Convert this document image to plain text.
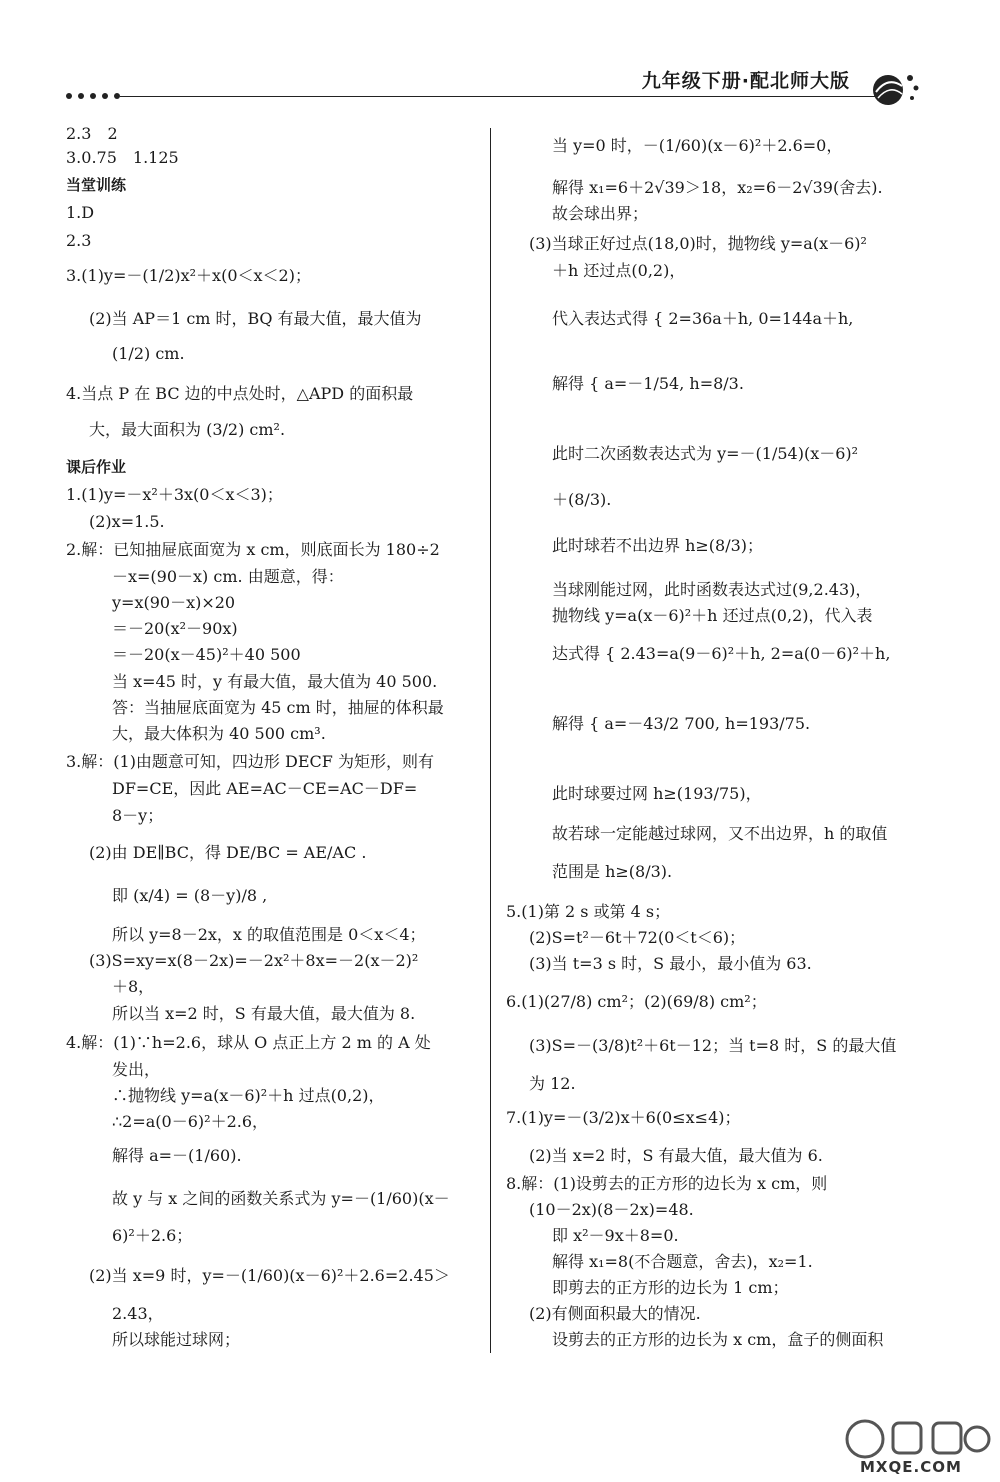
九年级下册·配北师大版
2.3　2
3.0.75　1.125
当堂训练
1.D
2.3
3.(1)y=－(1/2)x²＋x(0＜x＜2)；
(2)当 AP＝1 cm 时，BQ 有最大值，最大值为
(1/2) cm.
4.当点 P 在 BC 边的中点处时，△APD 的面积最
大，最大面积为 (3/2) cm².
课后作业
1.(1)y=－x²＋3x(0＜x＜3)；
(2)x=1.5.
2.解：已知抽屉底面宽为 x cm，则底面长为 180÷2
－x=(90－x) cm. 由题意，得：
y=x(90－x)×20
＝－20(x²－90x)
＝－20(x－45)²＋40 500
当 x=45 时，y 有最大值，最大值为 40 500.
答：当抽屉底面宽为 45 cm 时，抽屉的体积最
大，最大体积为 40 500 cm³.
3.解：(1)由题意可知，四边形 DECF 为矩形，则有
DF=CE，因此 AE=AC－CE=AC－DF=
8－y；
(2)由 DE∥BC，得 DE/BC = AE/AC .
即 (x/4) = (8－y)/8 ,
所以 y=8－2x，x 的取值范围是 0＜x＜4；
(3)S=xy=x(8－2x)=－2x²＋8x=－2(x－2)²
＋8，
所以当 x=2 时，S 有最大值，最大值为 8.
4.解：(1)∵h=2.6，球从 O 点正上方 2 m 的 A 处
发出，
∴抛物线 y=a(x－6)²＋h 过点(0,2)，
∴2=a(0－6)²＋2.6，
解得 a=－(1/60).
故 y 与 x 之间的函数关系式为 y=－(1/60)(x－
6)²＋2.6；
(2)当 x=9 时，y=－(1/60)(x－6)²＋2.6=2.45＞
2.43，
所以球能过球网；
当 y=0 时，－(1/60)(x－6)²＋2.6=0，
解得 x₁=6＋2√39＞18，x₂=6－2√39(舍去).
故会球出界；
(3)当球正好过点(18,0)时，抛物线 y=a(x－6)²
＋h 还过点(0,2)，
代入表达式得 { 2=36a＋h, 0=144a＋h,
解得 { a=－1/54, h=8/3.
此时二次函数表达式为 y=－(1/54)(x－6)²
＋(8/3).
此时球若不出边界 h≥(8/3)；
当球刚能过网，此时函数表达式过(9,2.43)，
抛物线 y=a(x－6)²＋h 还过点(0,2)，代入表
达式得 { 2.43=a(9－6)²＋h, 2=a(0－6)²＋h,
解得 { a=－43/2 700, h=193/75.
此时球要过网 h≥(193/75)，
故若球一定能越过球网，又不出边界，h 的取值
范围是 h≥(8/3).
5.(1)第 2 s 或第 4 s；
(2)S=t²－6t＋72(0＜t＜6)；
(3)当 t=3 s 时，S 最小，最小值为 63.
6.(1)(27/8) cm²；(2)(69/8) cm²；
(3)S=－(3/8)t²＋6t－12；当 t=8 时，S 的最大值
为 12.
7.(1)y=－(3/2)x＋6(0≤x≤4)；
(2)当 x=2 时，S 有最大值，最大值为 6.
8.解：(1)设剪去的正方形的边长为 x cm，则
(10－2x)(8－2x)=48.
即 x²－9x＋8=0.
解得 x₁=8(不合题意，舍去)，x₂=1.
即剪去的正方形的边长为 1 cm；
(2)有侧面积最大的情况.
设剪去的正方形的边长为 x cm，盒子的侧面积
MXQE.COM
